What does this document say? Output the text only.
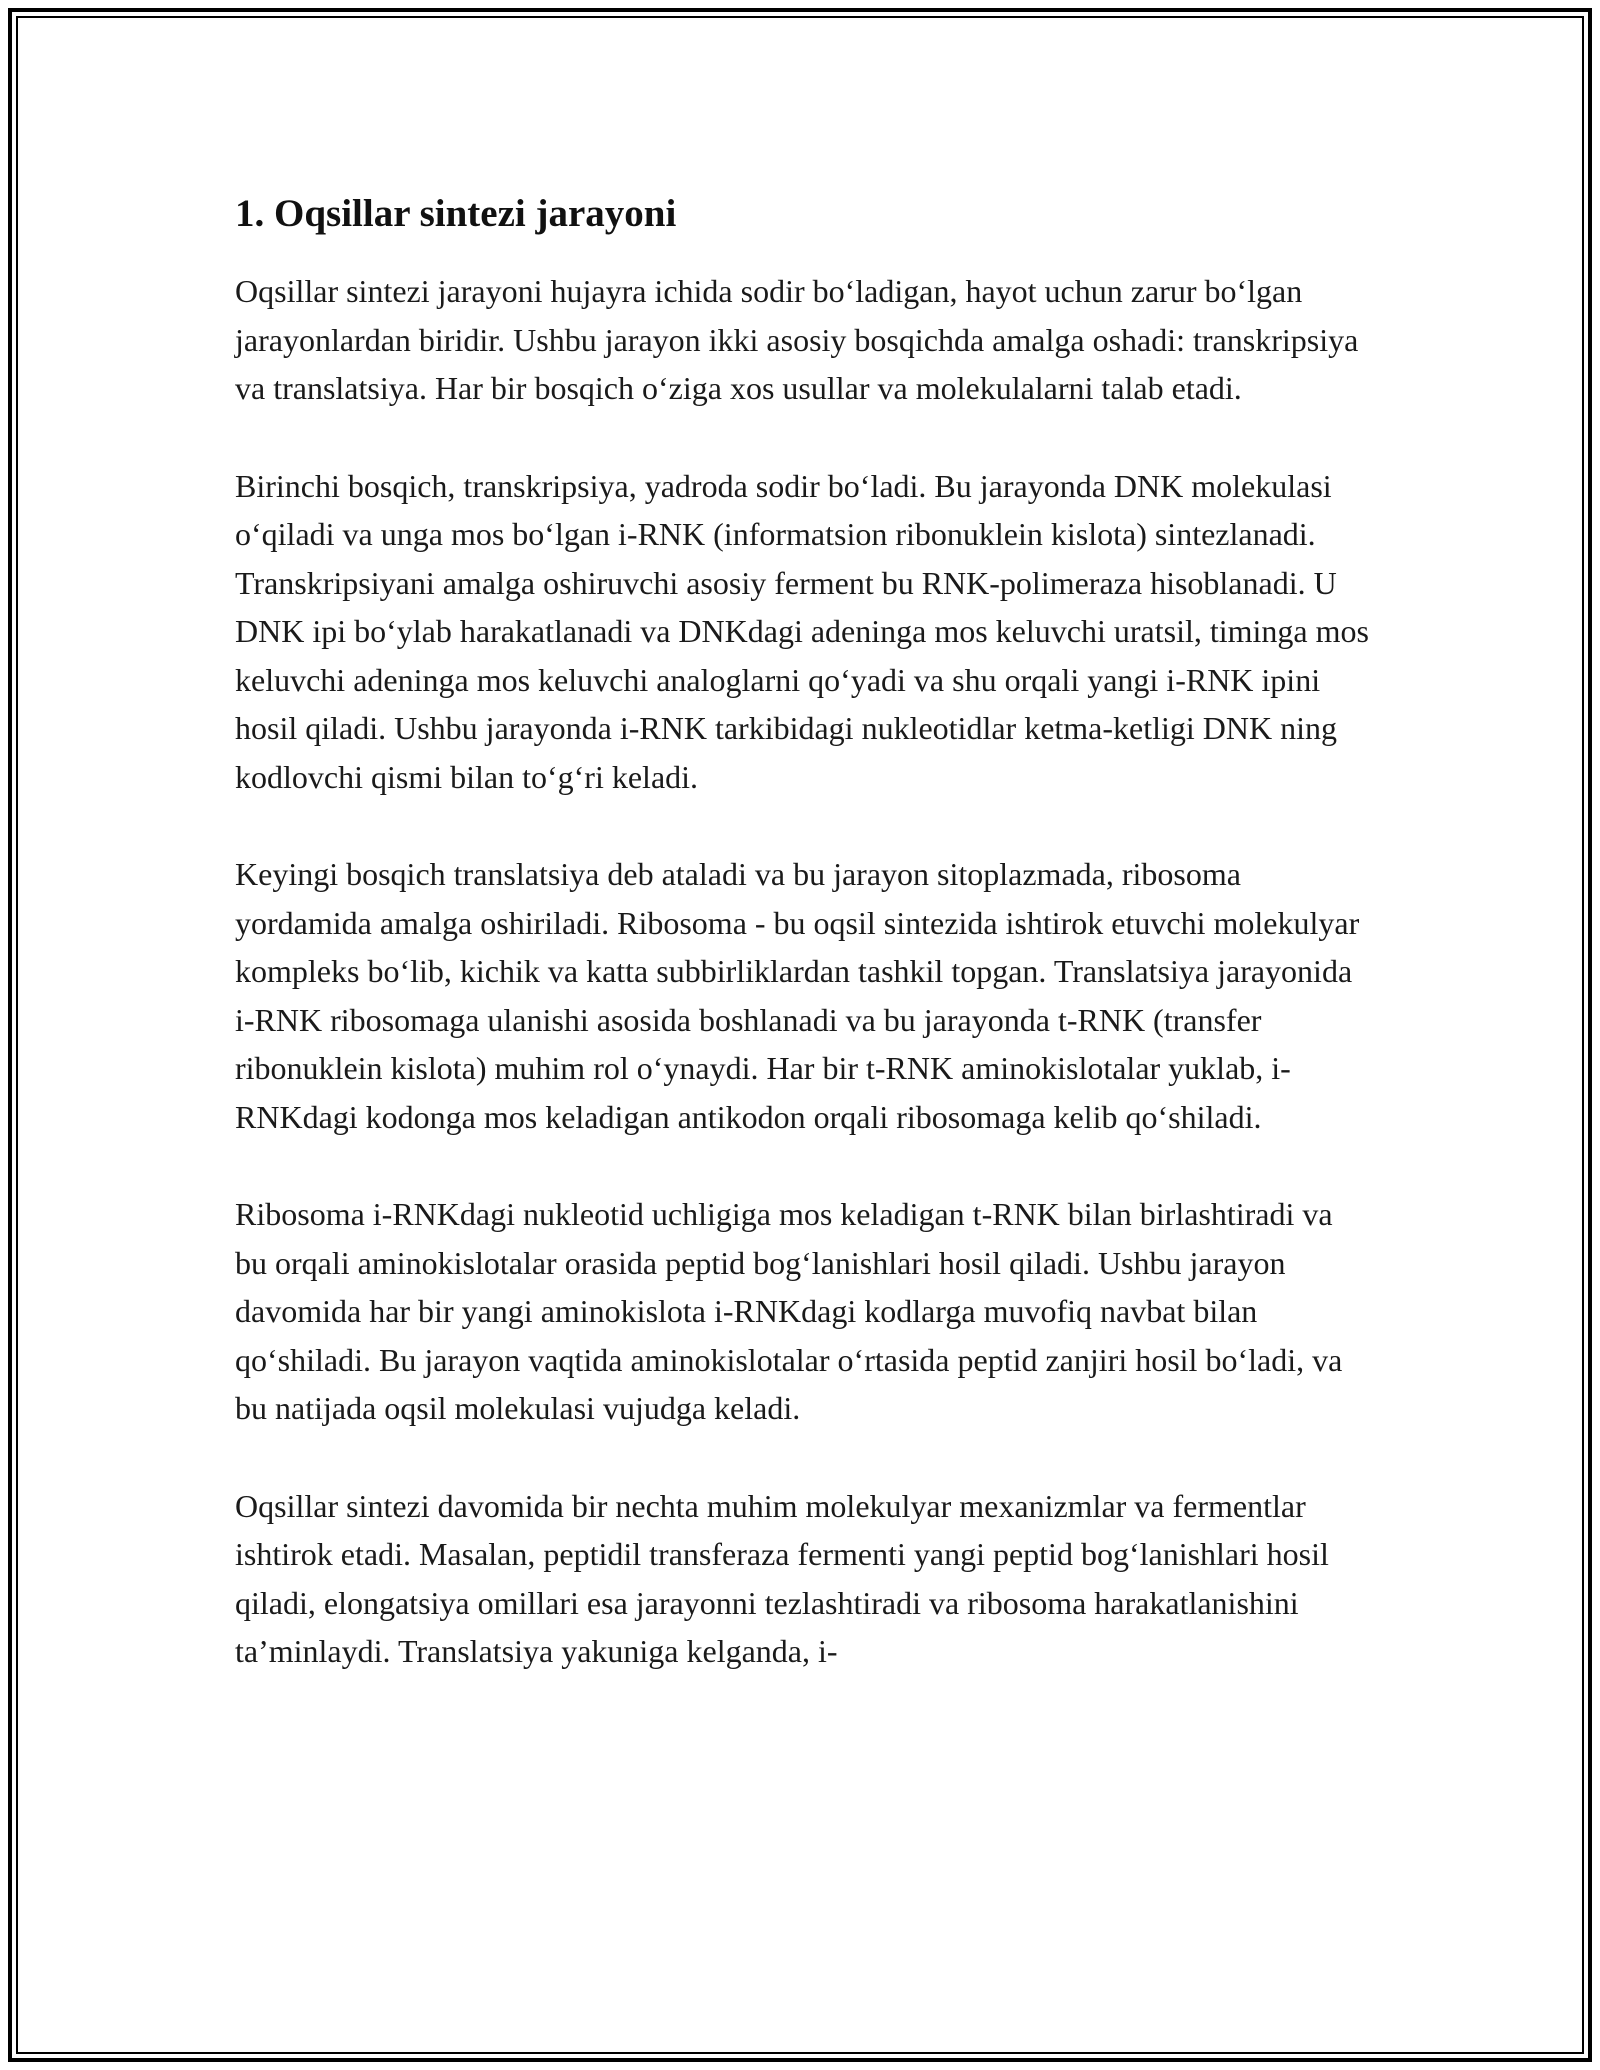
1. Oqsillar sintezi jarayoni

Oqsillar sintezi jarayoni hujayra ichida sodir boʻladigan, hayot uchun zarur boʻlgan jarayonlardan biridir. Ushbu jarayon ikki asosiy bosqichda amalga oshadi: transkripsiya va translatsiya. Har bir bosqich oʻziga xos usullar va molekulalarni talab etadi.

Birinchi bosqich, transkripsiya, yadroda sodir boʻladi. Bu jarayonda DNK molekulasi oʻqiladi va unga mos boʻlgan i-RNK (informatsion ribonuklein kislota) sintezlanadi. Transkripsiyani amalga oshiruvchi asosiy ferment bu RNK-polimeraza hisoblanadi. U DNK ipi boʻylab harakatlanadi va DNKdagi adeninga mos keluvchi uratsil, timinga mos keluvchi adeninga mos keluvchi analoglarni qoʻyadi va shu orqali yangi i-RNK ipini hosil qiladi. Ushbu jarayonda i-RNK tarkibidagi nukleotidlar ketma-ketligi DNK ning kodlovchi qismi bilan toʻgʻri keladi.

Keyingi bosqich translatsiya deb ataladi va bu jarayon sitoplazmada, ribosoma yordamida amalga oshiriladi. Ribosoma - bu oqsil sintezida ishtirok etuvchi molekulyar kompleks boʻlib, kichik va katta subbirliklardan tashkil topgan. Translatsiya jarayonida i-RNK ribosomaga ulanishi asosida boshlanadi va bu jarayonda t-RNK (transfer ribonuklein kislota) muhim rol oʻynaydi. Har bir t-RNK aminokislotalar yuklab, i-RNKdagi kodonga mos keladigan antikodon orqali ribosomaga kelib qoʻshiladi.

Ribosoma i-RNKdagi nukleotid uchligiga mos keladigan t-RNK bilan birlashtiradi va bu orqali aminokislotalar orasida peptid bogʻlanishlari hosil qiladi. Ushbu jarayon davomida har bir yangi aminokislota i-RNKdagi kodlarga muvofiq navbat bilan qoʻshiladi. Bu jarayon vaqtida aminokislotalar oʻrtasida peptid zanjiri hosil boʻladi, va bu natijada oqsil molekulasi vujudga keladi.

Oqsillar sintezi davomida bir nechta muhim molekulyar mexanizmlar va fermentlar ishtirok etadi. Masalan, peptidil transferaza fermenti yangi peptid bogʻlanishlari hosil qiladi, elongatsiya omillari esa jarayonni tezlashtiradi va ribosoma harakatlanishini taʼminlaydi. Translatsiya yakuniga kelganda, i-
